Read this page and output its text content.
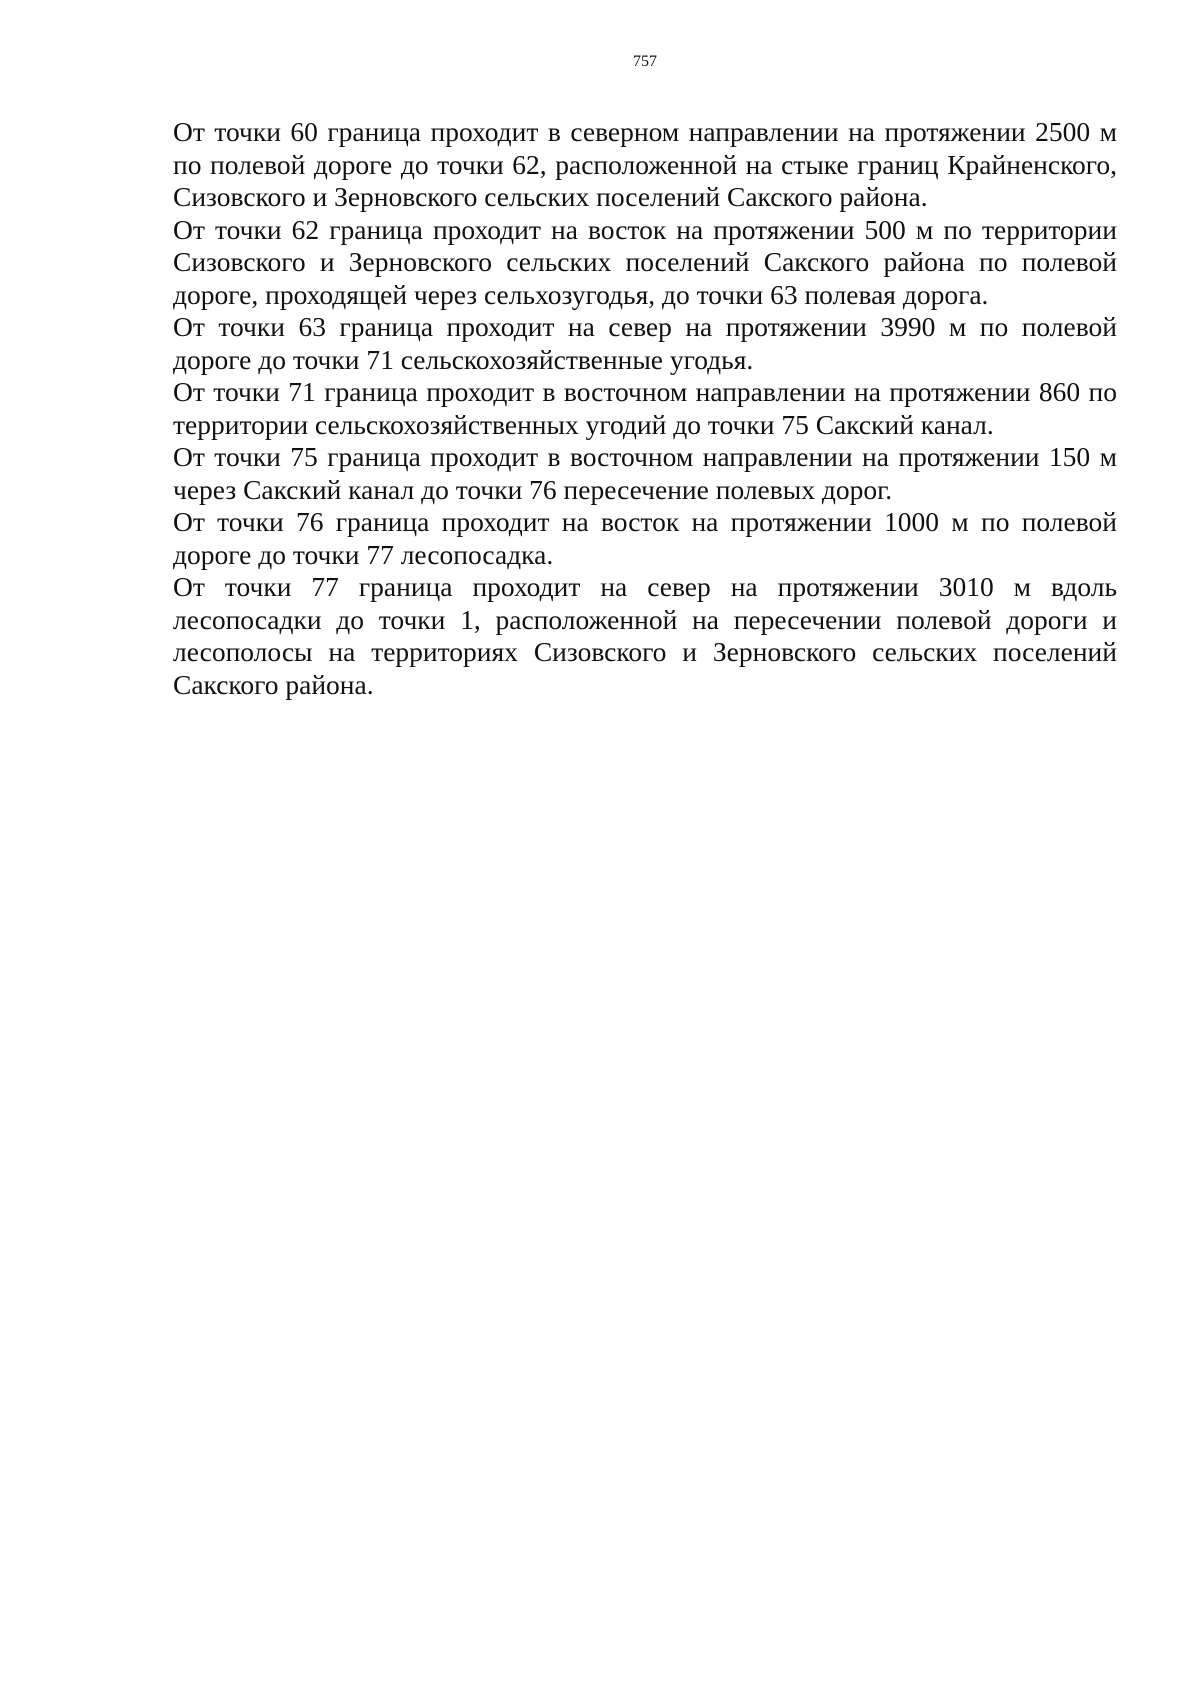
757

От точки 60 граница проходит в северном направлении на протяжении 2500 м по полевой дороге до точки 62, расположенной на стыке границ Крайненского, Сизовского и Зерновского сельских поселений Сакского района.

От точки 62 граница проходит на восток на протяжении 500 м по территории Сизовского и Зерновского сельских поселений Сакского района по полевой дороге, проходящей через сельхозугодья, до точки 63 полевая дорога.

От точки 63 граница проходит на север на протяжении 3990 м по полевой дороге до точки 71 сельскохозяйственные угодья.

От точки 71 граница проходит в восточном направлении на протяжении 860 по территории сельскохозяйственных угодий до точки 75 Сакский канал.

От точки 75 граница проходит в восточном направлении на протяжении 150 м через Сакский канал до точки 76 пересечение полевых дорог.

От точки 76 граница проходит на восток на протяжении 1000 м по полевой дороге до точки 77 лесопосадка.

От точки 77 граница проходит на север на протяжении 3010 м вдоль лесопосадки до точки 1, расположенной на пересечении полевой дороги и лесополосы на территориях Сизовского и Зерновского сельских поселений Сакского района.
